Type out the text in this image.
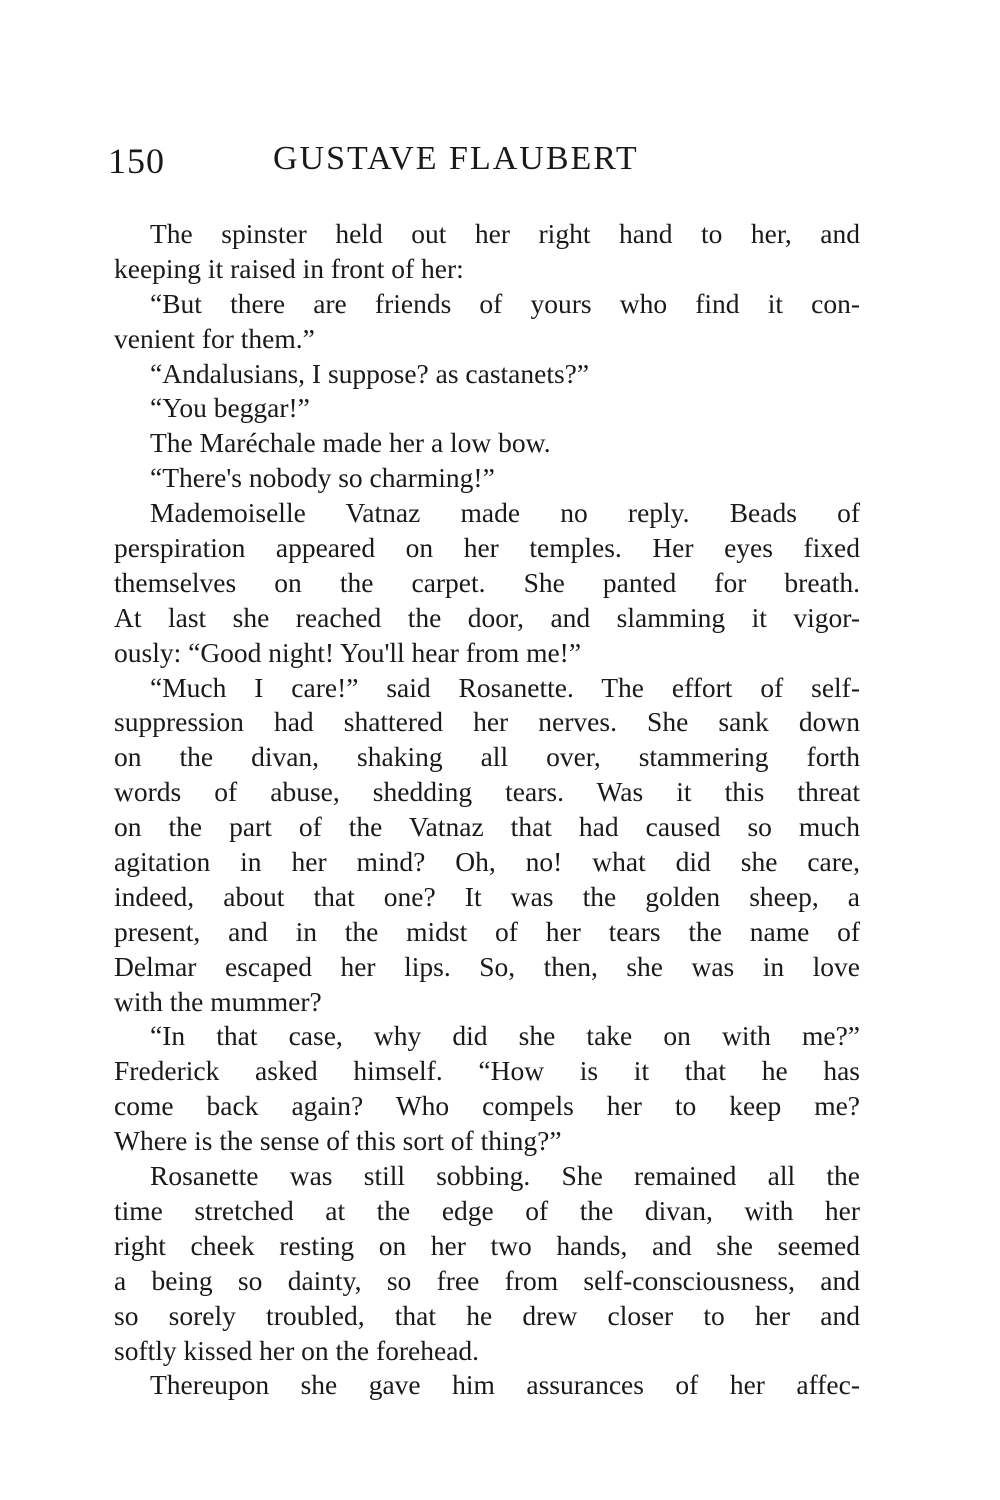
150	GUSTAVE FLAUBERT
The spinster held out her right hand to her, and
keeping it raised in front of her:
“But there are friends of yours who find it con-
venient for them.”
“Andalusians, I suppose? as castanets?”
“You beggar!”
The Maréchale made her a low bow.
“There's nobody so charming!”
Mademoiselle Vatnaz made no reply. Beads of
perspiration appeared on her temples. Her eyes fixed
themselves on the carpet. She panted for breath.
At last she reached the door, and slamming it vigor-
ously: “Good night! You'll hear from me!”
“Much I care!” said Rosanette. The effort of self-
suppression had shattered her nerves. She sank down
on the divan, shaking all over, stammering forth
words of abuse, shedding tears. Was it this threat
on the part of the Vatnaz that had caused so much
agitation in her mind? Oh, no! what did she care,
indeed, about that one? It was the golden sheep, a
present, and in the midst of her tears the name of
Delmar escaped her lips. So, then, she was in love
with the mummer?
“In that case, why did she take on with me?”
Frederick asked himself. “How is it that he has
come back again? Who compels her to keep me?
Where is the sense of this sort of thing?”
Rosanette was still sobbing. She remained all the
time stretched at the edge of the divan, with her
right cheek resting on her two hands, and she seemed
a being so dainty, so free from self-consciousness, and
so sorely troubled, that he drew closer to her and
softly kissed her on the forehead.
Thereupon she gave him assurances of her affec-
